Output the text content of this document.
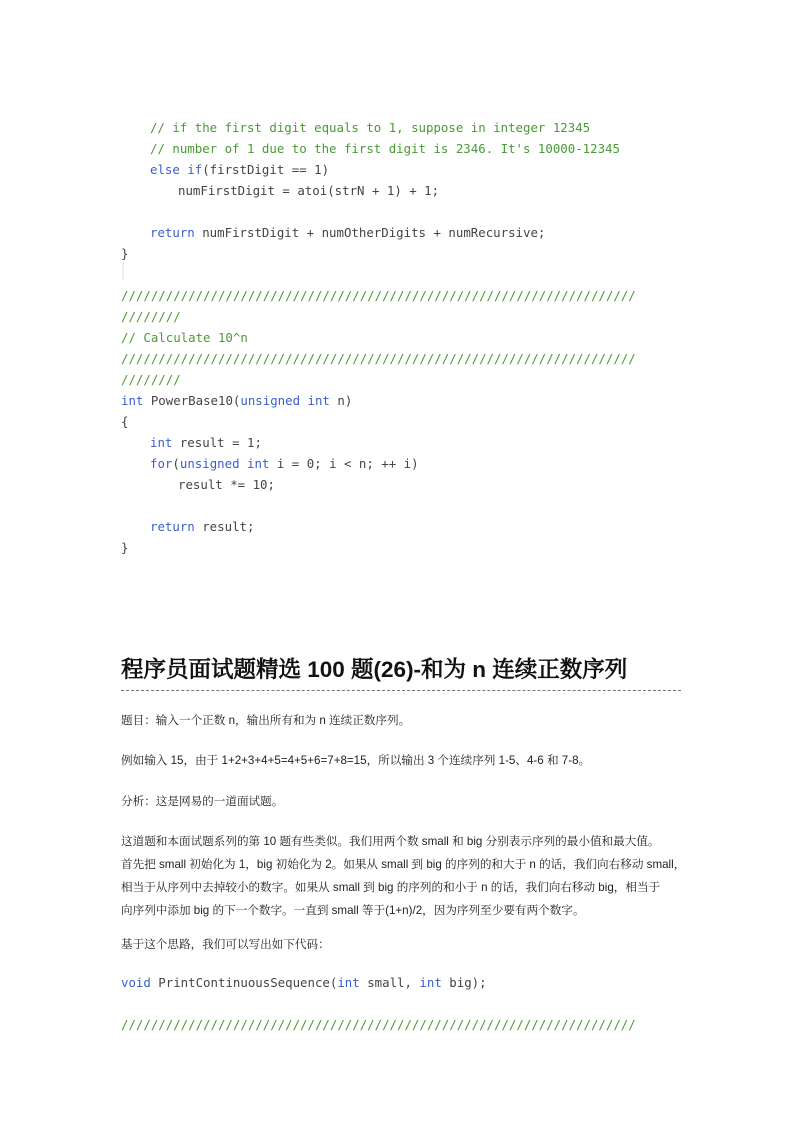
// if the first digit equals to 1, suppose in integer 12345
// number of 1 due to the first digit is 2346. It's 10000-12345
else if(firstDigit == 1)
numFirstDigit = atoi(strN + 1) + 1;
return numFirstDigit + numOtherDigits + numRecursive;
}
/////////////////////////////////////////////////////////////////////
////////
// Calculate 10^n
/////////////////////////////////////////////////////////////////////
////////
int PowerBase10(unsigned int n)
{
int result = 1;
for(unsigned int i = 0; i < n; ++ i)
result *= 10;
return result;
}
程序员面试题精选 100 题(26)-和为 n 连续正数序列
题目：输入一个正数 n，输出所有和为 n 连续正数序列。
例如输入 15，由于 1+2+3+4+5=4+5+6=7+8=15，所以输出 3 个连续序列 1-5、4-6 和 7-8。
分析：这是网易的一道面试题。
这道题和本面试题系列的第 10 题有些类似。我们用两个数 small 和 big 分别表示序列的最小值和最大值。
首先把 small 初始化为 1，big 初始化为 2。如果从 small 到 big 的序列的和大于 n 的话，我们向右移动 small，
相当于从序列中去掉较小的数字。如果从 small 到 big 的序列的和小于 n 的话，我们向右移动 big，相当于
向序列中添加 big 的下一个数字。一直到 small 等于(1+n)/2，因为序列至少要有两个数字。
基于这个思路，我们可以写出如下代码：
void PrintContinuousSequence(int small, int big);
/////////////////////////////////////////////////////////////////////
